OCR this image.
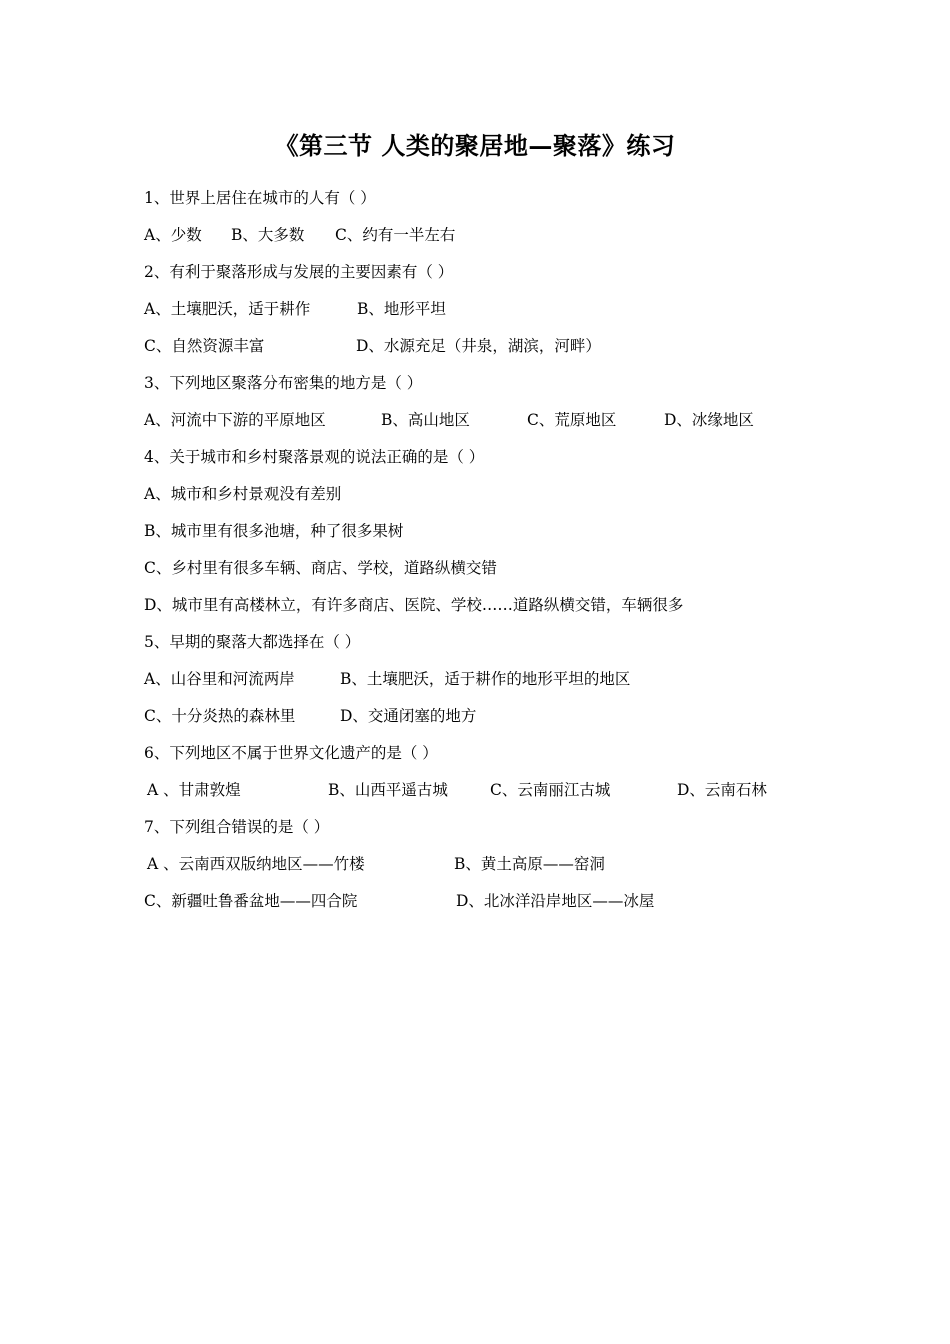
《第三节 人类的聚居地—聚落》练习
1、世界上居住在城市的人有（ ）
A、少数 B、大多数 C、约有一半左右
2、有利于聚落形成与发展的主要因素有（ ）
A、土壤肥沃，适于耕作	B、地形平坦
C、自然资源丰富	D、水源充足（井泉，湖滨，河畔）
3、下列地区聚落分布密集的地方是（ ）
A、河流中下游的平原地区	B、高山地区	C、荒原地区	D、冰缘地区
4、关于城市和乡村聚落景观的说法正确的是（ ）
A、城市和乡村景观没有差别
B、城市里有很多池塘，种了很多果树
C、乡村里有很多车辆、商店、学校，道路纵横交错
D、城市里有高楼林立，有许多商店、医院、学校……道路纵横交错，车辆很多
5、早期的聚落大都选择在（ ）
A、山谷里和河流两岸	B、土壤肥沃，适于耕作的地形平坦的地区
C、十分炎热的森林里	D、交通闭塞的地方
6、下列地区不属于世界文化遗产的是（ ）
A 、甘肃敦煌	B、山西平遥古城	C、云南丽江古城	D、云南石林
7、下列组合错误的是（ ）
A 、云南西双版纳地区——竹楼	B、黄土高原——窑洞
C、新疆吐鲁番盆地——四合院	D、北冰洋沿岸地区——冰屋
